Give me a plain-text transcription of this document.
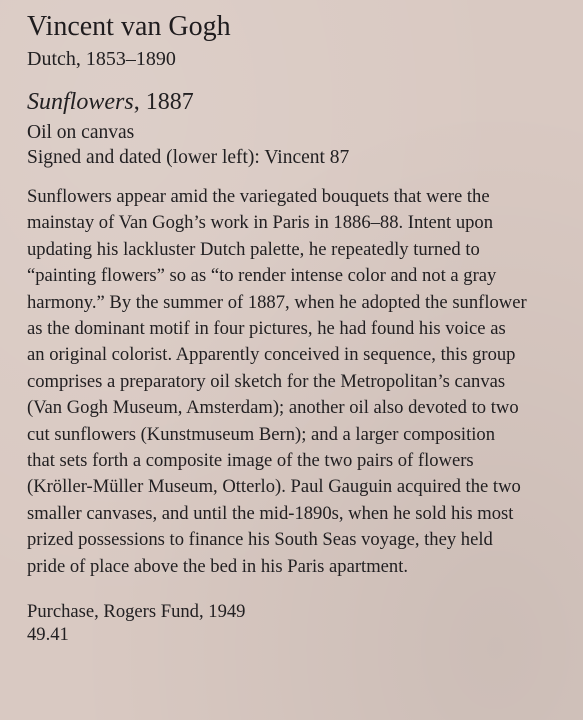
Vincent van Gogh

Dutch, 1853–1890

Sunflowers, 1887

Oil on canvas

Signed and dated (lower left): Vincent 87

Sunflowers appear amid the variegated bouquets that were the
mainstay of Van Gogh’s work in Paris in 1886–88. Intent upon
updating his lackluster Dutch palette, he repeatedly turned to
“painting flowers” so as “to render intense color and not a gray
harmony.” By the summer of 1887, when he adopted the sunflower
as the dominant motif in four pictures, he had found his voice as
an original colorist. Apparently conceived in sequence, this group
comprises a preparatory oil sketch for the Metropolitan’s canvas
(Van Gogh Museum, Amsterdam); another oil also devoted to two
cut sunflowers (Kunstmuseum Bern); and a larger composition
that sets forth a composite image of the two pairs of flowers
(Kröller-Müller Museum, Otterlo). Paul Gauguin acquired the two
smaller canvases, and until the mid-1890s, when he sold his most
prized possessions to finance his South Seas voyage, they held
pride of place above the bed in his Paris apartment.

Purchase, Rogers Fund, 1949

49.41
